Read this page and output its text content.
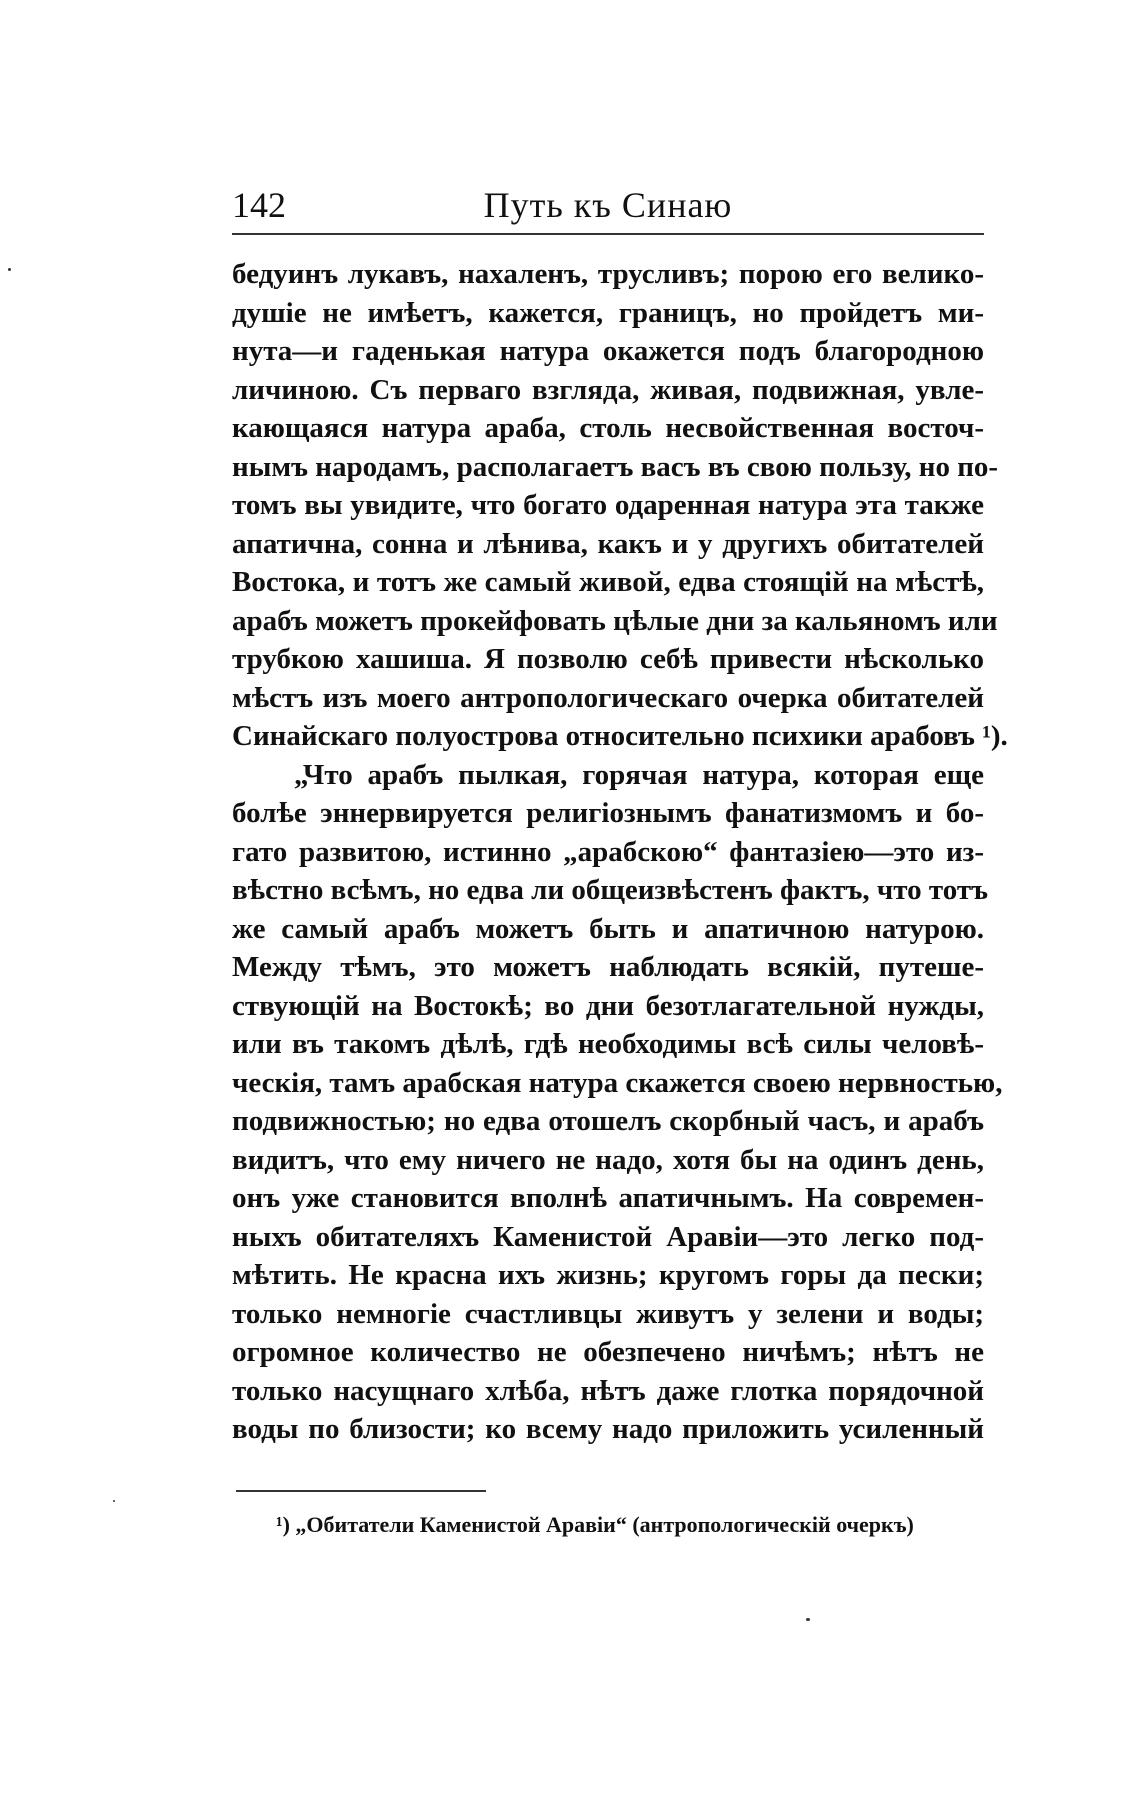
142	Путь къ Синаю
бедуинъ лукавъ, нахаленъ, трусливъ; порою его велико-
душіе не имѣетъ, кажется, границъ, но пройдетъ ми-
нута—и гаденькая натура окажется подъ благородною
личиною. Съ перваго взгляда, живая, подвижная, увле-
кающаяся натура араба, столь несвойственная восточ-
нымъ народамъ, располагаетъ васъ въ свою пользу, но по-
томъ вы увидите, что богато одаренная натура эта также
апатична, сонна и лѣнива, какъ и у другихъ обитателей
Востока, и тотъ же самый живой, едва стоящій на мѣстѣ,
арабъ можетъ прокейфовать цѣлые дни за кальяномъ или
трубкою хашиша. Я позволю себѣ привести нѣсколько
мѣстъ изъ моего антропологическаго очерка обитателей
Синайскаго полуострова относительно психики арабовъ ¹).
„Что арабъ пылкая, горячая натура, которая еще
болѣе эннервируется религіознымъ фанатизмомъ и бо-
гато развитою, истинно „арабскою“ фантазіею—это из-
вѣстно всѣмъ, но едва ли общеизвѣстенъ фактъ, что тотъ
же самый арабъ можетъ быть и апатичною натурою.
Между тѣмъ, это можетъ наблюдать всякій, путеше-
ствующій на Востокѣ; во дни безотлагательной нужды,
или въ такомъ дѣлѣ, гдѣ необходимы всѣ силы человѣ-
ческія, тамъ арабская натура скажется своею нервностью,
подвижностью; но едва отошелъ скорбный часъ, и арабъ
видитъ, что ему ничего не надо, хотя бы на одинъ день,
онъ уже становится вполнѣ апатичнымъ. На современ-
ныхъ обитателяхъ Каменистой Аравіи—это легко под-
мѣтить. Не красна ихъ жизнь; кругомъ горы да пески;
только немногіе счастливцы живутъ у зелени и воды;
огромное количество не обезпечено ничѣмъ; нѣтъ не
только насущнаго хлѣба, нѣтъ даже глотка порядочной
воды по близости; ко всему надо приложить усиленный
¹) „Обитатели Каменистой Аравіи“ (антропологическій очеркъ)
